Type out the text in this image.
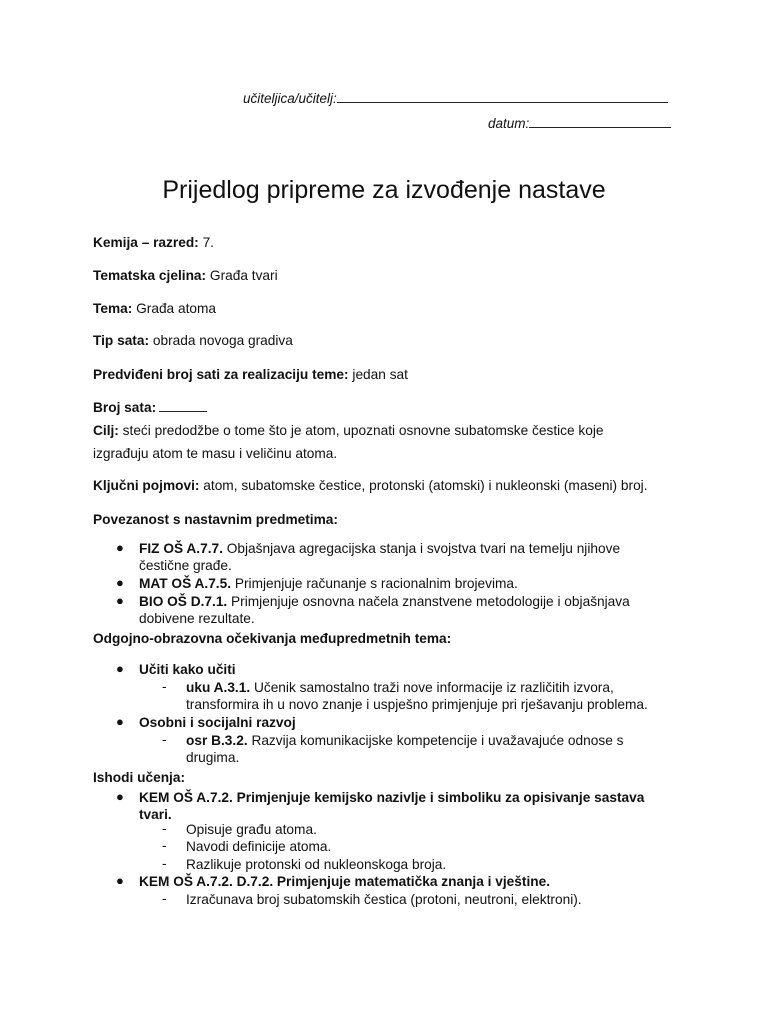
učiteljica/učitelj:
datum:
Prijedlog pripreme za izvođenje nastave
Kemija – razred: 7.
Tematska cjelina: Građa tvari
Tema: Građa atoma
Tip sata: obrada novoga gradiva
Predviđeni broj sati za realizaciju teme: jedan sat
Broj sata:
Cilj: steći predodžbe o tome što je atom, upoznati osnovne subatomske čestice koje
izgrađuju atom te masu i veličinu atoma.
Ključni pojmovi: atom, subatomske čestice, protonski (atomski) i nukleonski (maseni) broj.
Povezanost s nastavnim predmetima:
● FIZ OŠ A.7.7. Objašnjava agregacijska stanja i svojstva tvari na temelju njihove
čestične građe.
● MAT OŠ A.7.5. Primjenjuje računanje s racionalnim brojevima.
● BIO OŠ D.7.1. Primjenjuje osnovna načela znanstvene metodologije i objašnjava
dobivene rezultate.
Odgojno-obrazovna očekivanja međupredmetnih tema:
● Učiti kako učiti
- uku A.3.1. Učenik samostalno traži nove informacije iz različitih izvora,
transformira ih u novo znanje i uspješno primjenjuje pri rješavanju problema.
● Osobni i socijalni razvoj
- osr B.3.2. Razvija komunikacijske kompetencije i uvažavajuće odnose s
drugima.
Ishodi učenja:
● KEM OŠ A.7.2. Primjenjuje kemijsko nazivlje i simboliku za opisivanje sastava
tvari.
- Opisuje građu atoma.
- Navodi definicije atoma.
- Razlikuje protonski od nukleonskoga broja.
● KEM OŠ A.7.2. D.7.2. Primjenjuje matematička znanja i vještine.
- Izračunava broj subatomskih čestica (protoni, neutroni, elektroni).
